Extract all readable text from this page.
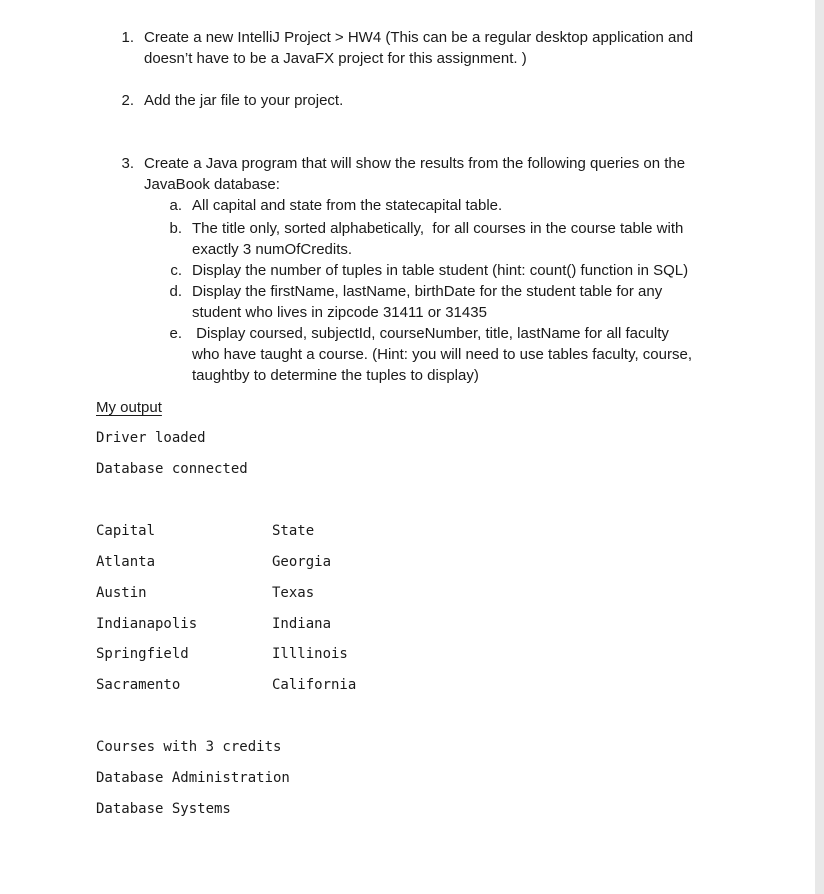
1. Create a new IntelliJ Project > HW4 (This can be a regular desktop application and
doesn’t have to be a JavaFX project for this assignment. )
2. Add the jar file to your project.
3. Create a Java program that will show the results from the following queries on the
JavaBook database:
a. All capital and state from the statecapital table.
b. The title only, sorted alphabetically,  for all courses in the course table with
exactly 3 numOfCredits.
c. Display the number of tuples in table student (hint: count() function in SQL)
d. Display the firstName, lastName, birthDate for the student table for any
student who lives in zipcode 31411 or 31435
e. Display coursed, subjectId, courseNumber, title, lastName for all faculty
who have taught a course. (Hint: you will need to use tables faculty, course,
taughtby to determine the tuples to display)
My output
Driver loaded
Database connected
Capital	State
Atlanta	Georgia
Austin	Texas
Indianapolis	Indiana
Springfield	Illlinois
Sacramento	California
Courses with 3 credits
Database Administration
Database Systems
